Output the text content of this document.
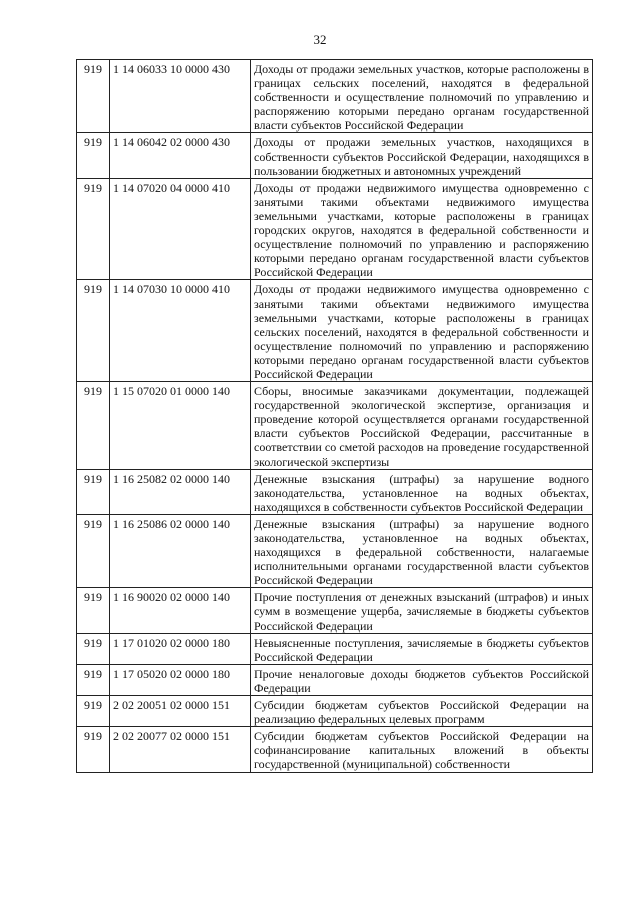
32
919	1 14 06033 10 0000 430	Доходы от продажи земельных участков, которые расположены в границах сельских поселений, находятся в федеральной собственности и осуществление полномочий по управлению и распоряжению которыми передано органам государственной власти субъектов Российской Федерации
919	1 14 06042 02 0000 430	Доходы от продажи земельных участков, находящихся в собственности субъектов Российской Федерации, находящихся в пользовании бюджетных и автономных учреждений
919	1 14 07020 04 0000 410	Доходы от продажи недвижимого имущества одновременно с занятыми такими объектами недвижимого имущества земельными участками, которые расположены в границах городских округов, находятся в федеральной собственности и осуществление полномочий по управлению и распоряжению которыми передано органам государственной власти субъектов Российской Федерации
919	1 14 07030 10 0000 410	Доходы от продажи недвижимого имущества одновременно с занятыми такими объектами недвижимого имущества земельными участками, которые расположены в границах сельских поселений, находятся в федеральной собственности и осуществление полномочий по управлению и распоряжению которыми передано органам государственной власти субъектов Российской Федерации
919	1 15 07020 01 0000 140	Сборы, вносимые заказчиками документации, подлежащей государственной экологической экспертизе, организация и проведение которой осуществляется органами государственной власти субъектов Российской Федерации, рассчитанные в соответствии со сметой расходов на проведение государственной экологической экспертизы
919	1 16 25082 02 0000 140	Денежные взыскания (штрафы) за нарушение водного законодательства, установленное на водных объектах, находящихся в собственности субъектов Российской Федерации
919	1 16 25086 02 0000 140	Денежные взыскания (штрафы) за нарушение водного законодательства, установленное на водных объектах, находящихся в федеральной собственности, налагаемые исполнительными органами государственной власти субъектов Российской Федерации
919	1 16 90020 02 0000 140	Прочие поступления от денежных взысканий (штрафов) и иных сумм в возмещение ущерба, зачисляемые в бюджеты субъектов Российской Федерации
919	1 17 01020 02 0000 180	Невыясненные поступления, зачисляемые в бюджеты субъектов Российской Федерации
919	1 17 05020 02 0000 180	Прочие неналоговые доходы бюджетов субъектов Российской Федерации
919	2 02 20051 02 0000 151	Субсидии бюджетам субъектов Российской Федерации на реализацию федеральных целевых программ
919	2 02 20077 02 0000 151	Субсидии бюджетам субъектов Российской Федерации на софинансирование капитальных вложений в объекты государственной (муниципальной) собственности
